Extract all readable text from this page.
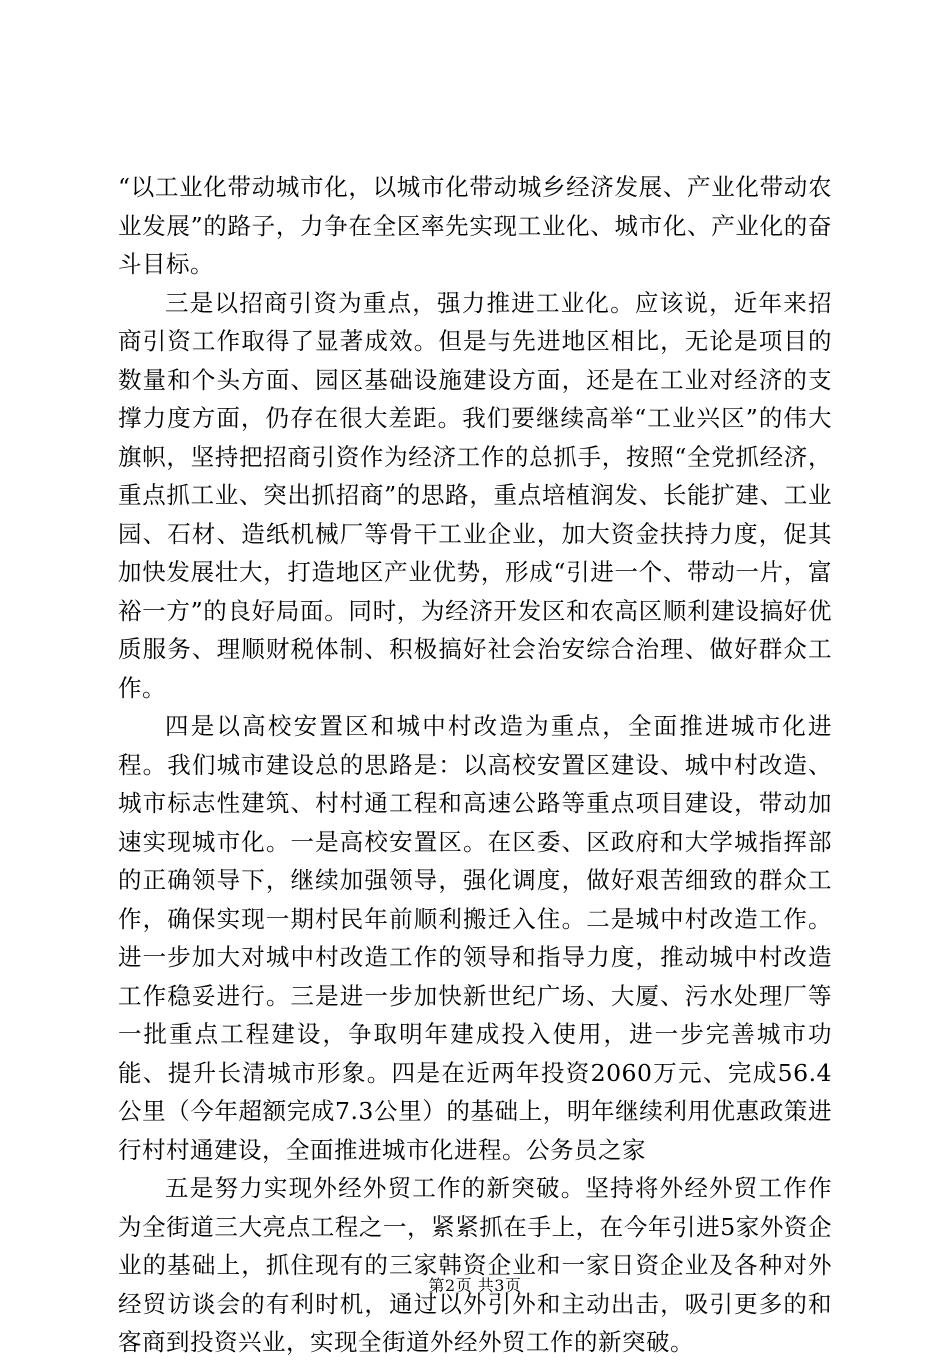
“以工业化带动城市化，以城市化带动城乡经济发展、产业化带动农业发展”的路子，力争在全区率先实现工业化、城市化、产业化的奋斗目标。

三是以招商引资为重点，强力推进工业化。应该说，近年来招商引资工作取得了显著成效。但是与先进地区相比，无论是项目的数量和个头方面、园区基础设施建设方面，还是在工业对经济的支撑力度方面，仍存在很大差距。我们要继续高举“工业兴区”的伟大旗帜，坚持把招商引资作为经济工作的总抓手，按照“全党抓经济，重点抓工业、突出抓招商”的思路，重点培植润发、长能扩建、工业园、石材、造纸机械厂等骨干工业企业，加大资金扶持力度，促其加快发展壮大，打造地区产业优势，形成“引进一个、带动一片，富裕一方”的良好局面。同时，为经济开发区和农高区顺利建设搞好优质服务、理顺财税体制、积极搞好社会治安综合治理、做好群众工作。

四是以高校安置区和城中村改造为重点，全面推进城市化进程。我们城市建设总的思路是：以高校安置区建设、城中村改造、城市标志性建筑、村村通工程和高速公路等重点项目建设，带动加速实现城市化。一是高校安置区。在区委、区政府和大学城指挥部的正确领导下，继续加强领导，强化调度，做好艰苦细致的群众工作，确保实现一期村民年前顺利搬迁入住。二是城中村改造工作。进一步加大对城中村改造工作的领导和指导力度，推动城中村改造工作稳妥进行。三是进一步加快新世纪广场、大厦、污水处理厂等一批重点工程建设，争取明年建成投入使用，进一步完善城市功能、提升长清城市形象。四是在近两年投资2060万元、完成56.4公里（今年超额完成7.3公里）的基础上，明年继续利用优惠政策进行村村通建设，全面推进城市化进程。公务员之家

五是努力实现外经外贸工作的新突破。坚持将外经外贸工作作为全街道三大亮点工程之一，紧紧抓在手上，在今年引进5家外资企业的基础上，抓住现有的三家韩资企业和一家日资企业及各种对外经贸访谈会的有利时机，通过以外引外和主动出击，吸引更多的和客商到投资兴业，实现全街道外经外贸工作的新突破。

第2页 共3页
